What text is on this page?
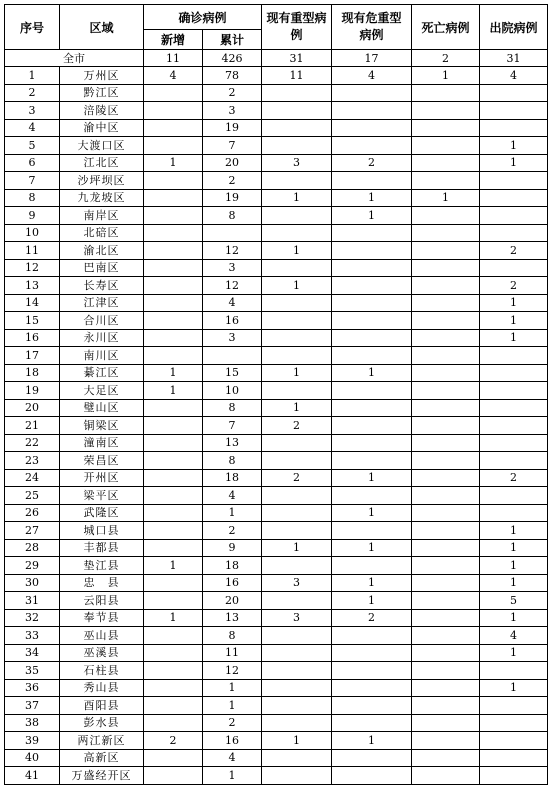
序号	区域	确诊病例		现有重型病例	现有危重型病例	死亡病例	出院病例
		新增	累计				
全市		11	426	31	17	2	31
1	万州区	4	78	11	4	1	4
2	黔江区		2				
3	涪陵区		3				
4	渝中区		19				
5	大渡口区		7				1
6	江北区	1	20	3	2		1
7	沙坪坝区		2				
8	九龙坡区		19	1	1	1	
9	南岸区		8		1		
10	北碚区						
11	渝北区		12	1			2
12	巴南区		3				
13	长寿区		12	1			2
14	江津区		4				1
15	合川区		16				1
16	永川区		3				1
17	南川区						
18	綦江区	1	15	1	1		
19	大足区	1	10				
20	璧山区		8	1			
21	铜梁区		7	2			
22	潼南区		13				
23	荣昌区		8				
24	开州区		18	2	1		2
25	梁平区		4				
26	武隆区		1		1		
27	城口县		2				1
28	丰都县		9	1	1		1
29	垫江县	1	18				1
30	忠　县		16	3	1		1
31	云阳县		20		1		5
32	奉节县	1	13	3	2		1
33	巫山县		8				4
34	巫溪县		11				1
35	石柱县		12				
36	秀山县		1				1
37	酉阳县		1				
38	彭水县		2				
39	两江新区	2	16	1	1		
40	高新区		4				
41	万盛经开区		1				
